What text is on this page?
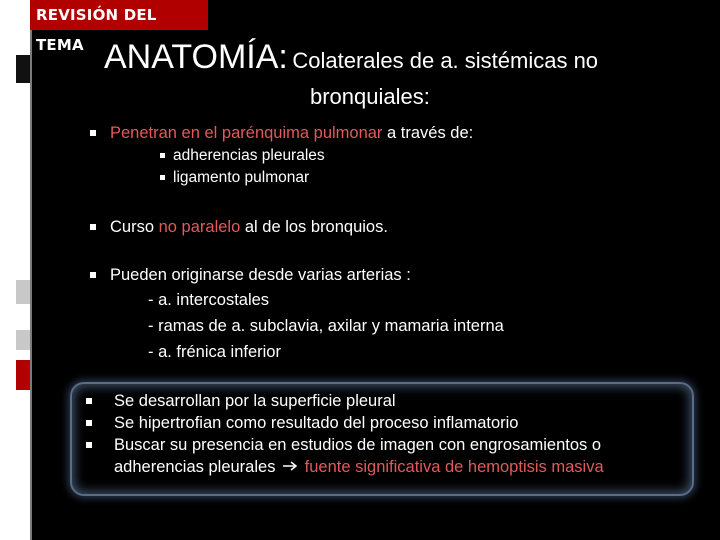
REVISIÓN DEL TEMA ANATOMÍA: Colaterales de a. sistémicas no
bronquiales:
Penetran en el parénquima pulmonar a través de:
adherencias pleurales
ligamento pulmonar
Curso no paralelo al de los bronquios.
Pueden originarse desde varias arterias :
- a. intercostales
- ramas de a. subclavia, axilar y mamaria interna
- a. frénica inferior
Se desarrollan por la superficie pleural
Se hipertrofian como resultado del proceso inflamatorio
Buscar su presencia en estudios de imagen con engrosamientos o
adherencias pleurales fuente significativa de hemoptisis masiva
